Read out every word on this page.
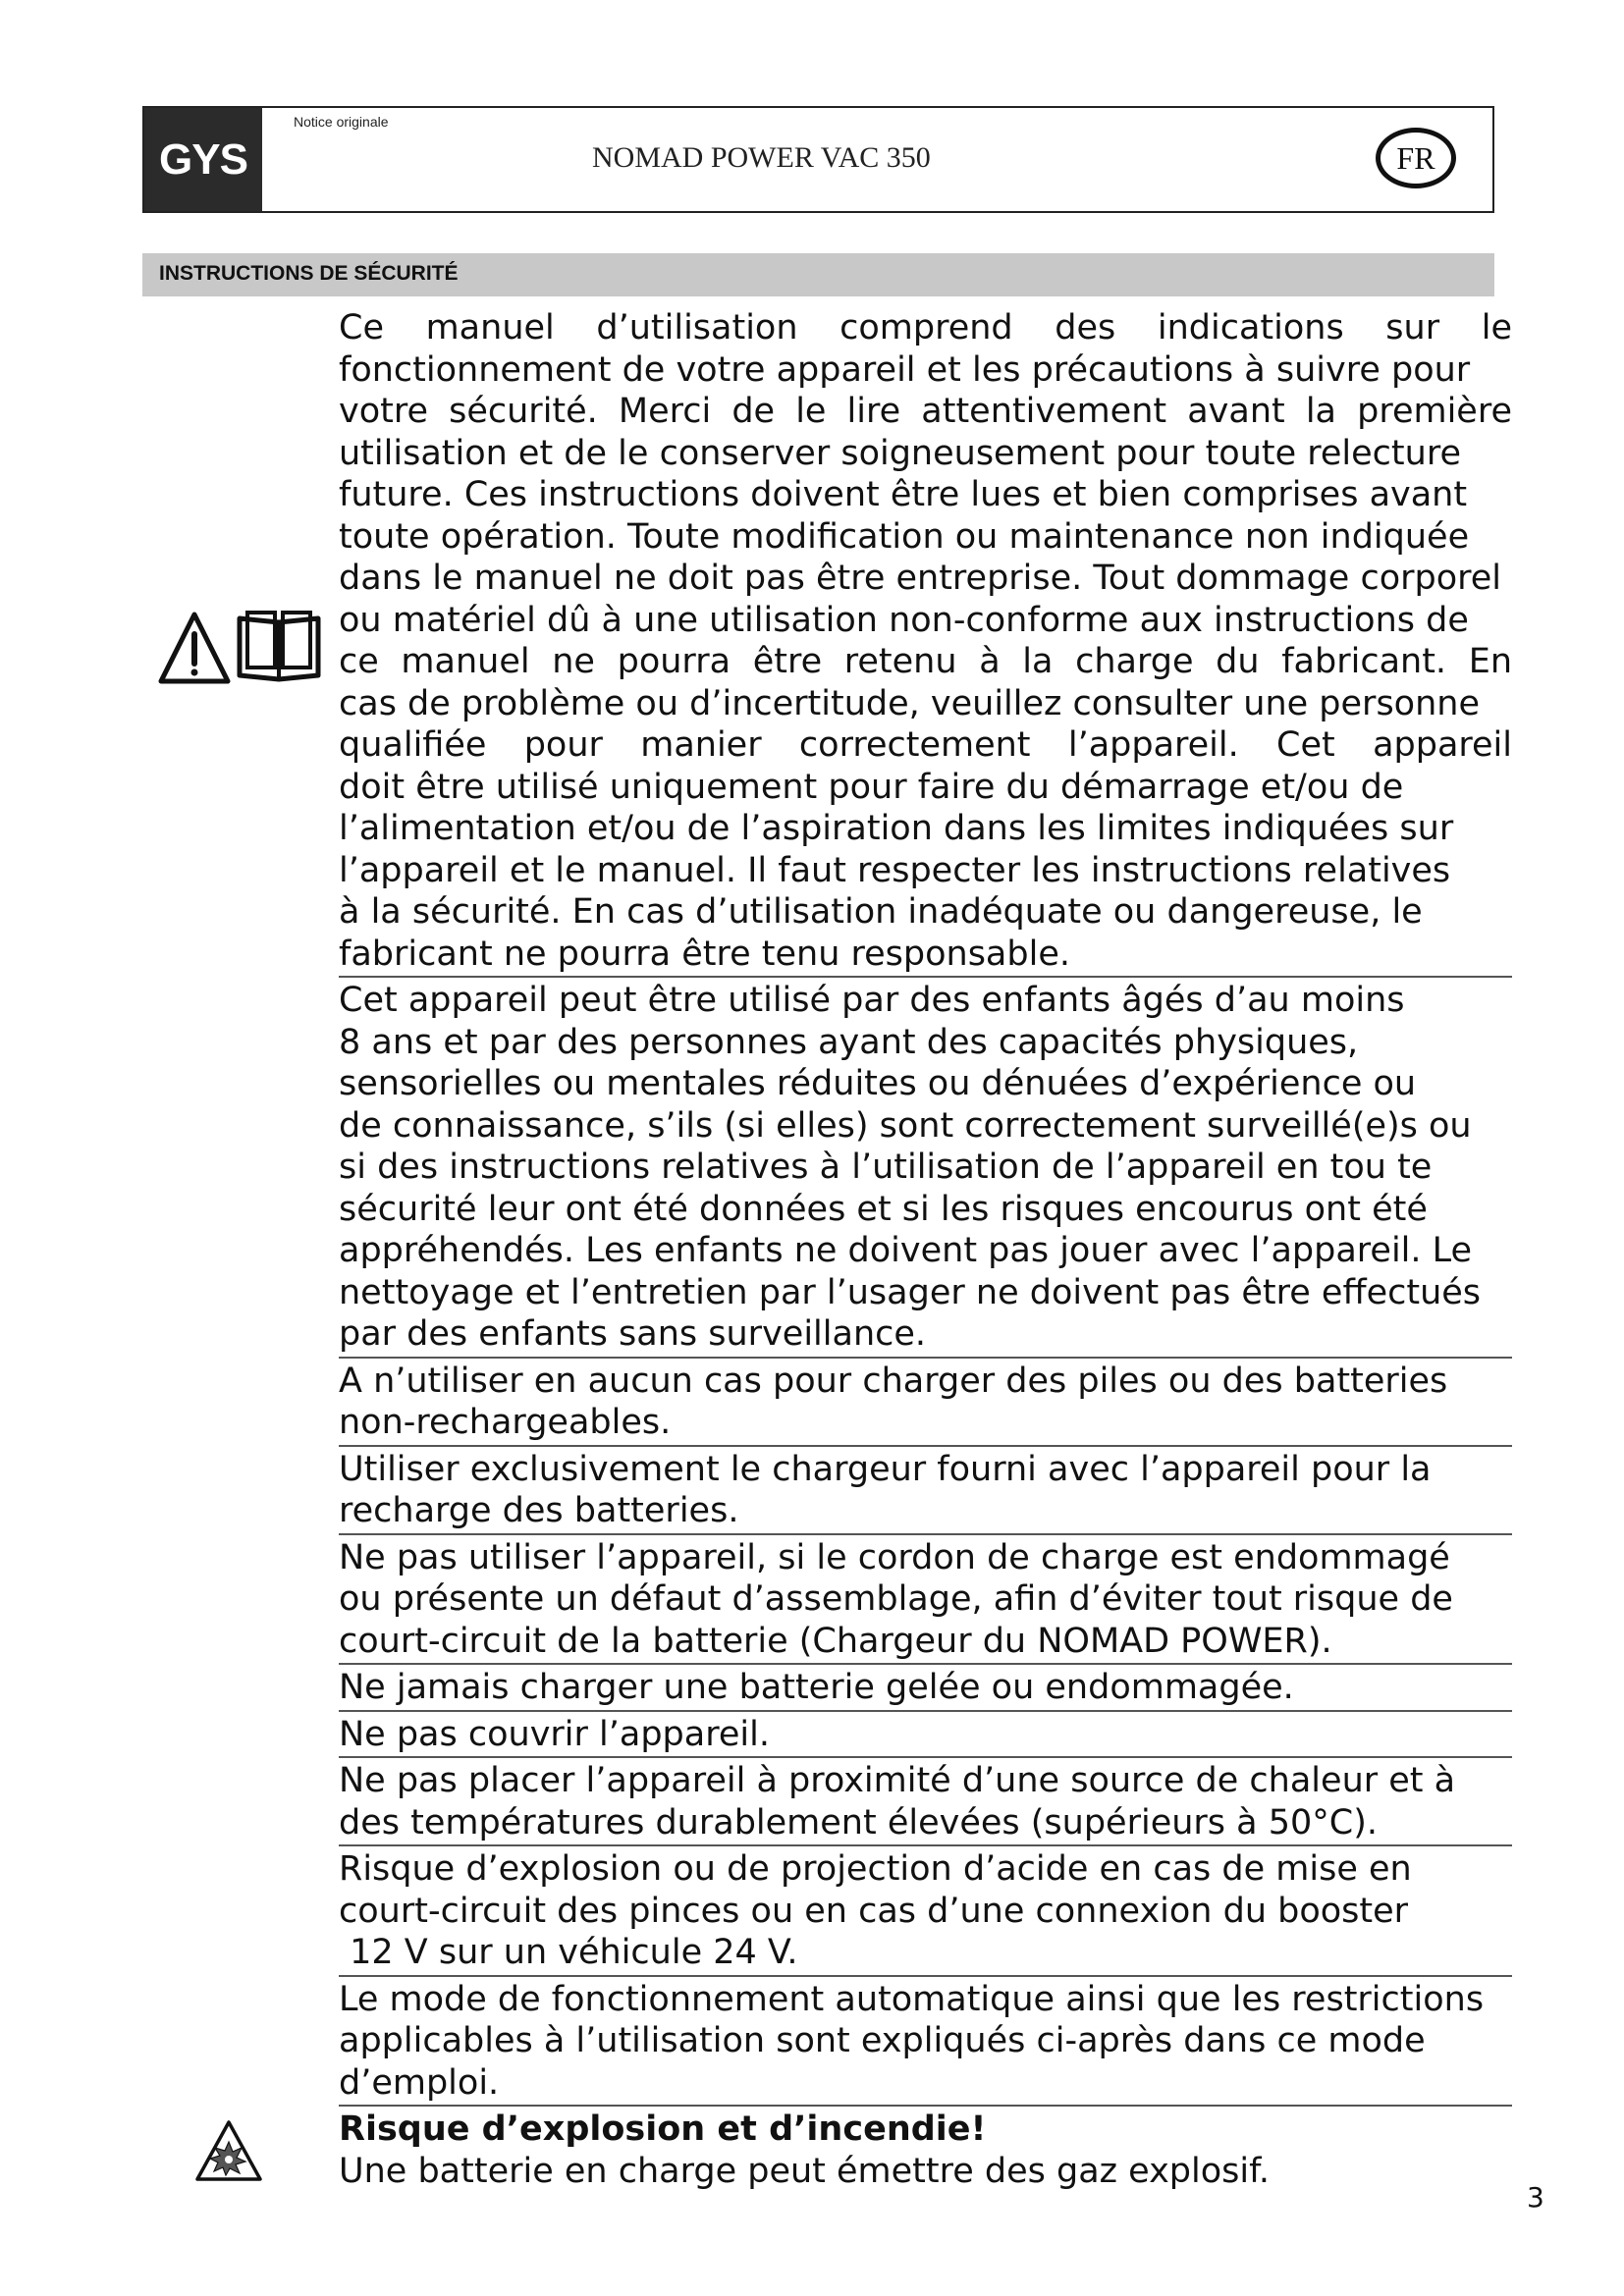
GYS
Notice originale
NOMAD POWER VAC 350	FR
INSTRUCTIONS DE SÉCURITÉ
Ce manuel d’utilisation comprend des indications sur le
fonctionnement de votre appareil et les précautions à suivre pour
votre sécurité. Merci de le lire attentivement avant la première
utilisation et de le conserver soigneusement pour toute relecture
future. Ces instructions doivent être lues et bien comprises avant
toute opération. Toute modification ou maintenance non indiquée
dans le manuel ne doit pas être entreprise. Tout dommage corporel
ou matériel dû à une utilisation non-conforme aux instructions de
ce manuel ne pourra être retenu à la charge du fabricant. En
cas de problème ou d’incertitude, veuillez consulter une personne
qualifiée pour manier correctement l’appareil. Cet appareil
doit être utilisé uniquement pour faire du démarrage et/ou de
l’alimentation et/ou de l’aspiration dans les limites indiquées sur
l’appareil et le manuel. Il faut respecter les instructions relatives
à la sécurité. En cas d’utilisation inadéquate ou dangereuse, le
fabricant ne pourra être tenu responsable.
Cet appareil peut être utilisé par des enfants âgés d’au moins
8 ans et par des personnes ayant des capacités physiques,
sensorielles ou mentales réduites ou dénuées d’expérience ou
de connaissance, s’ils (si elles) sont correctement surveillé(e)s ou
si des instructions relatives à l’utilisation de l’appareil en tou te
sécurité leur ont été données et si les risques encourus ont été
appréhendés. Les enfants ne doivent pas jouer avec l’appareil. Le
nettoyage et l’entretien par l’usager ne doivent pas être effectués
par des enfants sans surveillance.
A n’utiliser en aucun cas pour charger des piles ou des batteries
non-rechargeables.
Utiliser exclusivement le chargeur fourni avec l’appareil pour la
recharge des batteries.
Ne pas utiliser l’appareil, si le cordon de charge est endommagé
ou présente un défaut d’assemblage, afin d’éviter tout risque de
court-circuit de la batterie (Chargeur du NOMAD POWER).
Ne jamais charger une batterie gelée ou endommagée.
Ne pas couvrir l’appareil.
Ne pas placer l’appareil à proximité d’une source de chaleur et à
des températures durablement élevées (supérieurs à 50°C).
Risque d’explosion ou de projection d’acide en cas de mise en
court-circuit des pinces ou en cas d’une connexion du booster
12 V sur un véhicule 24 V.
Le mode de fonctionnement automatique ainsi que les restrictions
applicables à l’utilisation sont expliqués ci-après dans ce mode
d’emploi.
Risque d’explosion et d’incendie!
Une batterie en charge peut émettre des gaz explosif.
3
